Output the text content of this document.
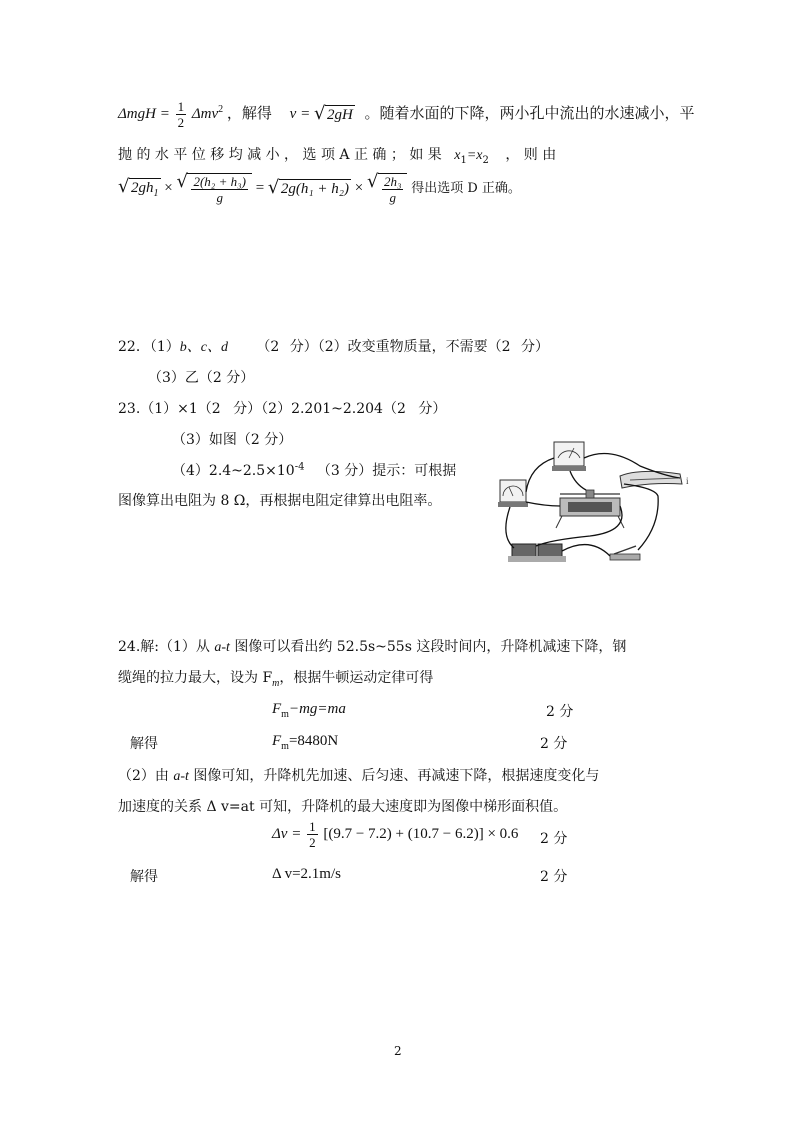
$\Delta mgH = \frac{1}{2} \Delta mv^2$ ，解得 v = √ 2gH 。随着水面的下降，两小孔中流出的水速减小，平
抛 的 水 平 位 移 均 减 小 ， 选 项 A 正 确 ； 如 果 $x_1=x_2$ ， 则 由
√ $2gh_1$ × √ $\frac{\text{2(h₂ + h₃)}}{g}$ = √ 2g(h₁ + h₂) × √ $\frac{\text{2h₃}}{g}$ 得出选项 D 正确。
22．（1）b、c、d （2 分）（2）改变重物质量，不需要（2 分）
（3）乙（2 分）
23.（1）×1（2 分）（2）2.201~2.204（2 分）
（3）如图（2 分）
$(4)2.4\sim 2.5\times 10^{-4}$ （3 分）提示：可根据
图像算出电阻为 8 Ω，再根据电阻定律算出电阻率。
i
24.解:（1）从 a-t 图像可以看出约 52.5s~55s 这段时间内，升降机减速下降，钢
缆绳的拉力最大，设为 $F_m$，根据牛顿运动定律可得
$F_m-mg=ma$	2 分
解得	$F_m=8480N$	2 分
（2）由 a-t 图像可知，升降机先加速、后匀速、再减速下降，根据速度变化与
加速度的关系 Δ v=at 可知，升降机的最大速度即为图像中梯形面积值。
$\Delta v = \frac{1}{2} [(9.7 - 7.2) + (10.7 - 6.2)] \times 0.6$ 2 分
解得	Δ v=2.1m/s	2 分
2
